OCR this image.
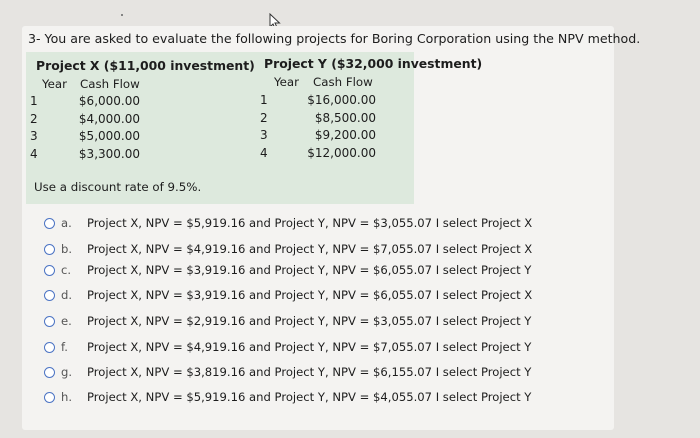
3- You are asked to evaluate the following projects for Boring Corporation using the NPV method.
Project X ($11,000 investment)
Year Cash Flow
1	$6,000.00
2	$4,000.00
3	$5,000.00
4	$3,300.00
Project Y ($32,000 investment)
Year Cash Flow
1	$16,000.00
2	$8,500.00
3	$9,200.00
4	$12,000.00
Use a discount rate of 9.5%.
a.	Project X, NPV = $5,919.16 and Project Y, NPV = $3,055.07 I select Project X
b.	Project X, NPV = $4,919.16 and Project Y, NPV = $7,055.07 I select Project X
c.	Project X, NPV = $3,919.16 and Project Y, NPV = $6,055.07 I select Project Y
d.	Project X, NPV = $3,919.16 and Project Y, NPV = $6,055.07 I select Project X
e.	Project X, NPV = $2,919.16 and Project Y, NPV = $3,055.07 I select Project Y
f.	Project X, NPV = $4,919.16 and Project Y, NPV = $7,055.07 I select Project Y
g.	Project X, NPV = $3,819.16 and Project Y, NPV = $6,155.07 I select Project Y
h.	Project X, NPV = $5,919.16 and Project Y, NPV = $4,055.07 I select Project Y
